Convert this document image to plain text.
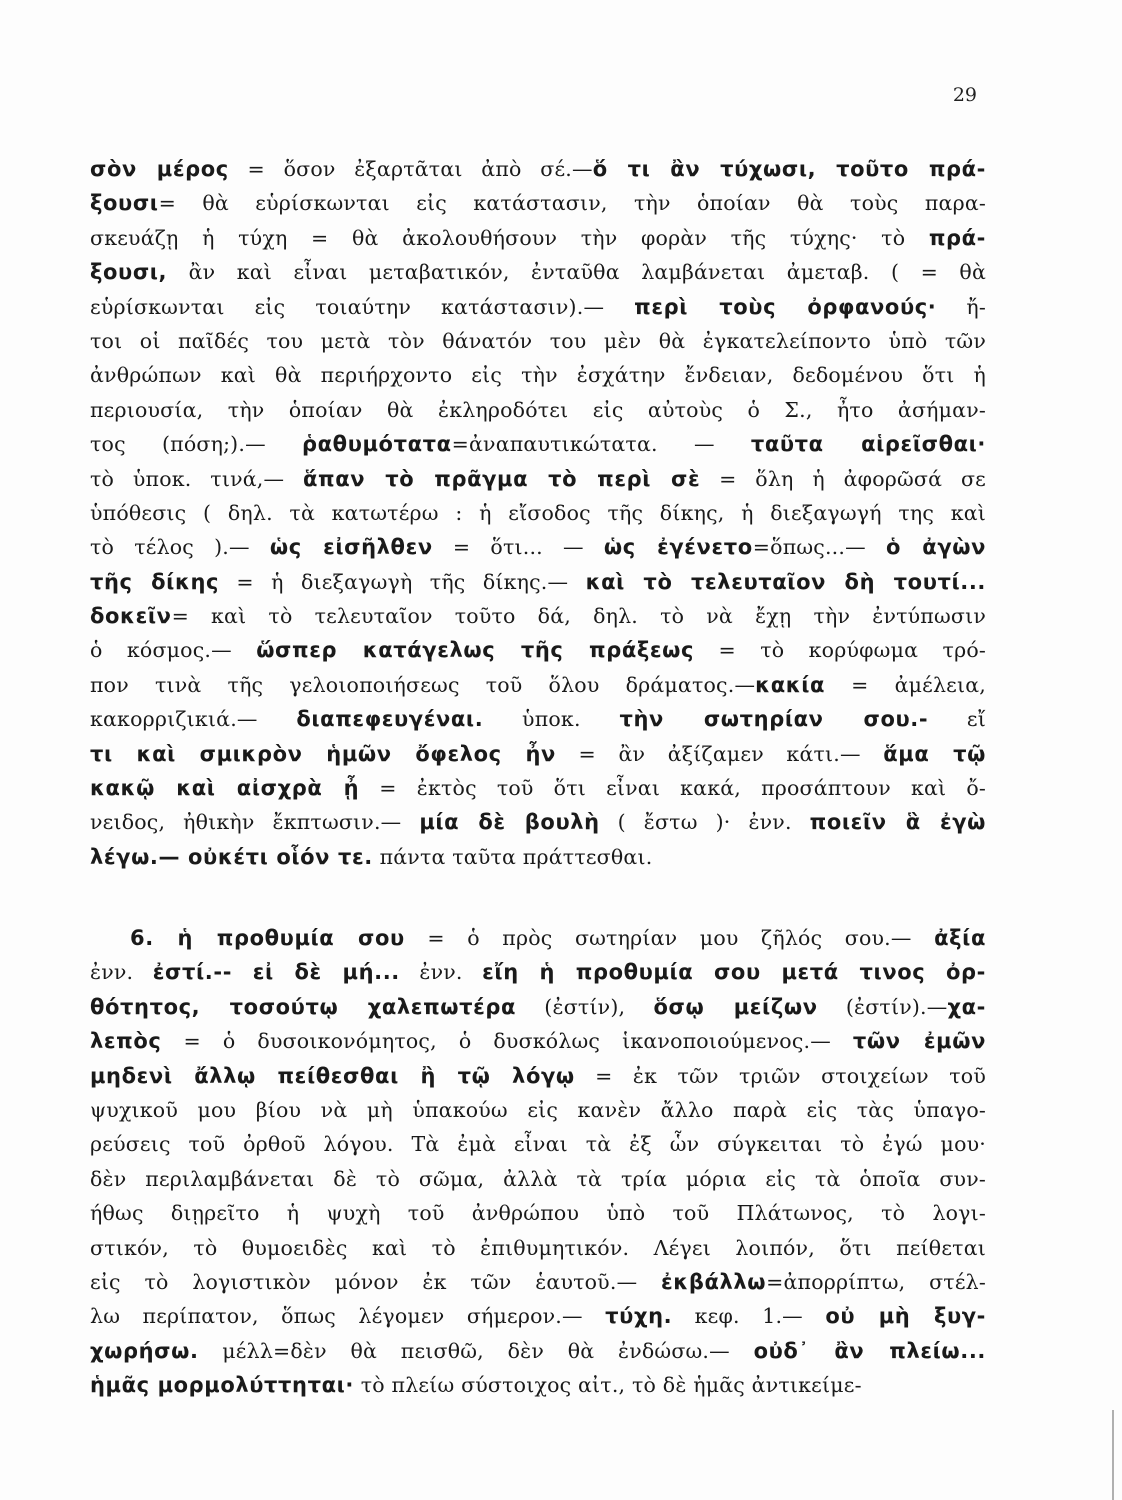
29
σὸν μέρος = ὅσον ἐξαρτᾶται ἀπὸ σέ.—ὅ τι ἂν τύχωσι, τοῦτο πρά-
ξουσι= θὰ εὑρίσκωνται εἰς κατάστασιν, τὴν ὁποίαν θὰ τοὺς παρα-
σκευάζῃ ἡ τύχη = θὰ ἀκολουθήσουν τὴν φορὰν τῆς τύχης· τὸ πρά-
ξουσι, ἂν καὶ εἶναι μεταβατικόν, ἐνταῦθα λαμβάνεται ἀμεταβ. ( = θὰ
εὑρίσκωνται εἰς τοιαύτην κατάστασιν).— περὶ τοὺς ὀρφανούς· ἤ-
τοι οἱ παῖδές του μετὰ τὸν θάνατόν του μὲν θὰ ἐγκατελείποντο ὑπὸ τῶν
ἀνθρώπων καὶ θὰ περιήρχοντο εἰς τὴν ἐσχάτην ἔνδειαν, δεδομένου ὅτι ἡ
περιουσία, τὴν ὁποίαν θὰ ἐκληροδότει εἰς αὐτοὺς ὁ Σ., ἦτο ἀσήμαν-
τος (πόση;).— ῥαθυμότατα=ἀναπαυτικώτατα. — ταῦτα αἱρεῖσθαι·
τὸ ὑποκ. τινά,— ἅπαν τὸ πρᾶγμα τὸ περὶ σὲ = ὅλη ἡ ἀφορῶσά σε
ὑπόθεσις ( δηλ. τὰ κατωτέρω : ἡ εἴσοδος τῆς δίκης, ἡ διεξαγωγή της καὶ
τὸ τέλος ).— ὡς εἰσῆλθεν = ὅτι... — ὡς ἐγένετο=ὅπως...— ὁ ἀγὼν
τῆς δίκης = ἡ διεξαγωγὴ τῆς δίκης.— καὶ τὸ τελευταῖον δὴ τουτί...
δοκεῖν= καὶ τὸ τελευταῖον τοῦτο δά, δηλ. τὸ νὰ ἔχῃ τὴν ἐντύπωσιν
ὁ κόσμος.— ὥσπερ κατάγελως τῆς πράξεως = τὸ κορύφωμα τρό-
πον τινὰ τῆς γελοιοποιήσεως τοῦ ὅλου δράματος.—κακία = ἀμέλεια,
κακορριζικιά.— διαπεφευγέναι. ὑποκ. τὴν σωτηρίαν σου.- εἴ
τι καὶ σμικρὸν ἡμῶν ὄφελος ἦν = ἂν ἀξίζαμεν κάτι.— ἅμα τῷ
κακῷ καὶ αἰσχρὰ ᾖ = ἐκτὸς τοῦ ὅτι εἶναι κακά, προσάπτουν καὶ ὄ-
νειδος, ἠθικὴν ἔκπτωσιν.— μία δὲ βουλὴ ( ἔστω )· ἐνν. ποιεῖν ἃ ἐγὼ
λέγω.— οὐκέτι οἷόν τε. πάντα ταῦτα πράττεσθαι.
6. ἡ προθυμία σου = ὁ πρὸς σωτηρίαν μου ζῆλός σου.— ἀξία
ἐνν. ἐστί.-- εἰ δὲ μή... ἐνν. εἴη ἡ προθυμία σου μετά τινος ὀρ-
θότητος, τοσούτῳ χαλεπωτέρα (ἐστίν), ὅσῳ μείζων (ἐστίν).—χα-
λεπὸς = ὁ δυσοικονόμητος, ὁ δυσκόλως ἱκανοποιούμενος.— τῶν ἐμῶν
μηδενὶ ἄλλῳ πείθεσθαι ἢ τῷ λόγῳ = ἐκ τῶν τριῶν στοιχείων τοῦ
ψυχικοῦ μου βίου νὰ μὴ ὑπακούω εἰς κανὲν ἄλλο παρὰ εἰς τὰς ὑπαγο-
ρεύσεις τοῦ ὀρθοῦ λόγου. Τὰ ἐμὰ εἶναι τὰ ἐξ ὧν σύγκειται τὸ ἐγώ μου·
δὲν περιλαμβάνεται δὲ τὸ σῶμα, ἀλλὰ τὰ τρία μόρια εἰς τὰ ὁποῖα συν-
ήθως διῃρεῖτο ἡ ψυχὴ τοῦ ἀνθρώπου ὑπὸ τοῦ Πλάτωνος, τὸ λογι-
στικόν, τὸ θυμοειδὲς καὶ τὸ ἐπιθυμητικόν. Λέγει λοιπόν, ὅτι πείθεται
εἰς τὸ λογιστικὸν μόνον ἐκ τῶν ἑαυτοῦ.— ἐκβάλλω=ἀπορρίπτω, στέλ-
λω περίπατον, ὅπως λέγομεν σήμερον.— τύχη. κεφ. 1.— οὐ μὴ ξυγ-
χωρήσω. μέλλ=δὲν θὰ πεισθῶ, δὲν θὰ ἐνδώσω.— οὐδ᾽ ἂν πλείω...
ἡμᾶς μορμολύττηται· τὸ πλείω σύστοιχος αἰτ., τὸ δὲ ἡμᾶς ἀντικείμε-
